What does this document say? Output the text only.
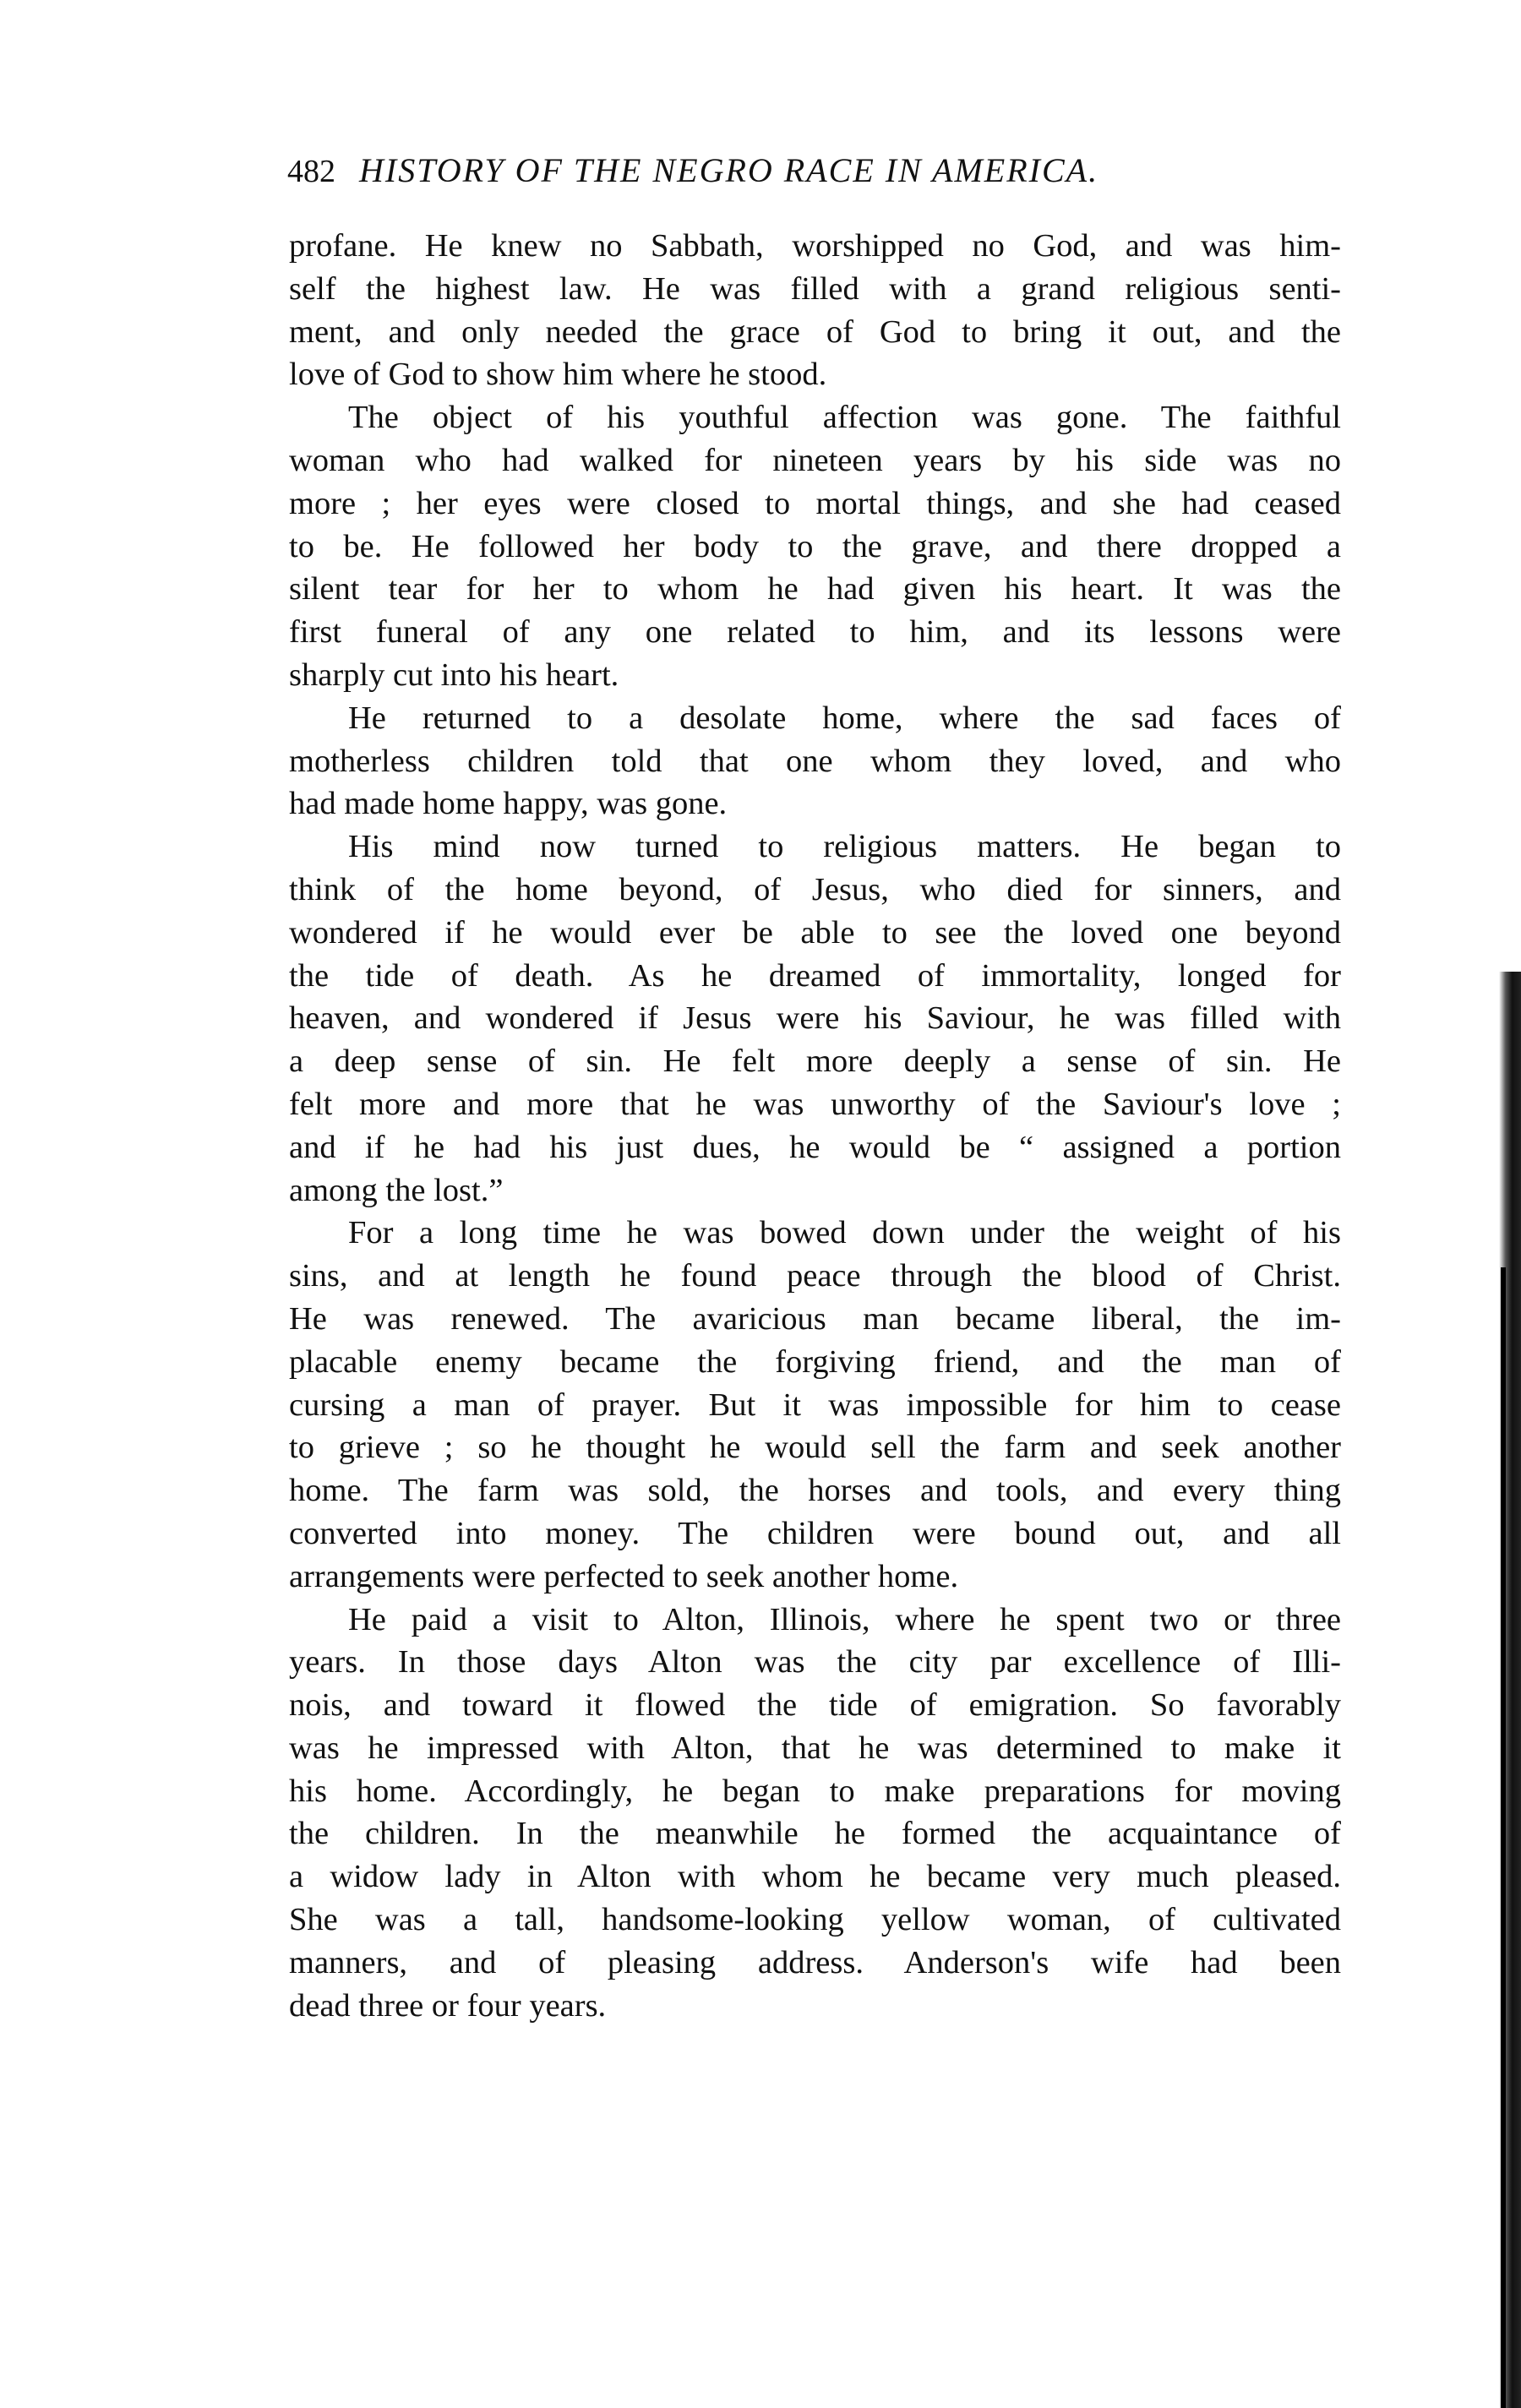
482 HISTORY OF THE NEGRO RACE IN AMERICA.
profane. He knew no Sabbath, worshipped no God, and was him-
self the highest law. He was filled with a grand religious senti-
ment, and only needed the grace of God to bring it out, and the
love of God to show him where he stood.
The object of his youthful affection was gone. The faithful
woman who had walked for nineteen years by his side was no
more ; her eyes were closed to mortal things, and she had ceased
to be. He followed her body to the grave, and there dropped a
silent tear for her to whom he had given his heart. It was the
first funeral of any one related to him, and its lessons were
sharply cut into his heart.
He returned to a desolate home, where the sad faces of
motherless children told that one whom they loved, and who
had made home happy, was gone.
His mind now turned to religious matters. He began to
think of the home beyond, of Jesus, who died for sinners, and
wondered if he would ever be able to see the loved one beyond
the tide of death. As he dreamed of immortality, longed for
heaven, and wondered if Jesus were his Saviour, he was filled with
a deep sense of sin. He felt more deeply a sense of sin. He
felt more and more that he was unworthy of the Saviour's love ;
and if he had his just dues, he would be “ assigned a portion
among the lost.”
For a long time he was bowed down under the weight of his
sins, and at length he found peace through the blood of Christ.
He was renewed. The avaricious man became liberal, the im-
placable enemy became the forgiving friend, and the man of
cursing a man of prayer. But it was impossible for him to cease
to grieve ; so he thought he would sell the farm and seek another
home. The farm was sold, the horses and tools, and every thing
converted into money. The children were bound out, and all
arrangements were perfected to seek another home.
He paid a visit to Alton, Illinois, where he spent two or three
years. In those days Alton was the city par excellence of Illi-
nois, and toward it flowed the tide of emigration. So favorably
was he impressed with Alton, that he was determined to make it
his home. Accordingly, he began to make preparations for moving
the children. In the meanwhile he formed the acquaintance of
a widow lady in Alton with whom he became very much pleased.
She was a tall, handsome-looking yellow woman, of cultivated
manners, and of pleasing address. Anderson's wife had been
dead three or four years.
